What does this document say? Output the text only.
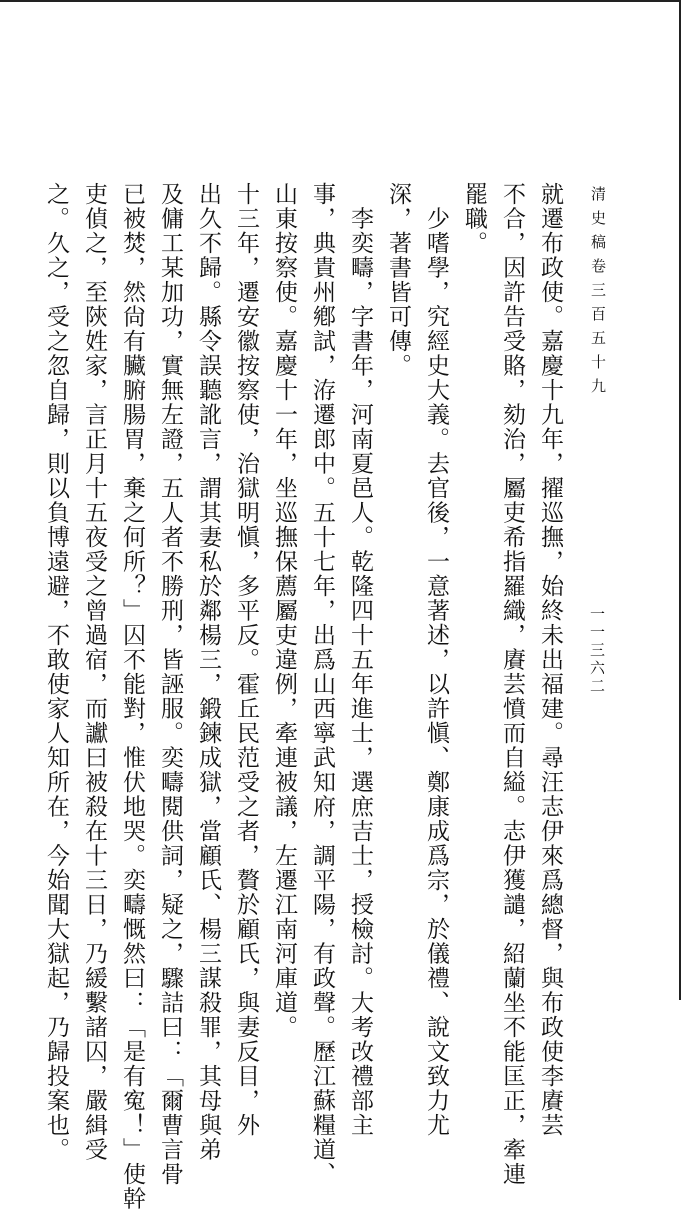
清史稿卷三百五十九
一一三六二
就遷布政使。嘉慶十九年，擢巡撫，始終未出福建。尋汪志伊來爲總督，與布政使李賡芸
不合，因許告受賂，劾治，屬吏希指羅織，賡芸憤而自縊。志伊獲譴，紹蘭坐不能匡正，牽連
罷職。
　少嗜學，究經史大義。去官後，一意著述，以許愼、鄭康成爲宗，於儀禮、說文致力尤
深，著書皆可傳。
　李奕疇，字書年，河南夏邑人。乾隆四十五年進士，選庶吉士，授檢討。大考改禮部主
事，典貴州鄕試，洊遷郎中。五十七年，出爲山西寧武知府，調平陽，有政聲。歷江蘇糧道、
山東按察使。嘉慶十一年，坐巡撫保薦屬吏違例，牽連被議，左遷江南河庫道。
十三年，遷安徽按察使，治獄明愼，多平反。霍丘民范受之者，贅於顧氏，與妻反目，外
出久不歸。縣令誤聽訛言，謂其妻私於鄰楊三，鍛鍊成獄，當顧氏、楊三謀殺罪，其母與弟
及傭工某加功，實無左證，五人者不勝刑，皆誣服。奕疇閱供詞，疑之，驟詰曰：「爾曹言骨
已被焚，然尙有臟腑腸胃，棄之何所？」囚不能對，惟伏地哭。奕疇慨然曰：「是有寃！」使幹
吏偵之，至陝姓家，言正月十五夜受之曾過宿，而讞曰被殺在十三日，乃緩繫諸囚，嚴緝受
之。久之，受之忽自歸，則以負博遠避，不敢使家人知所在，今始聞大獄起，乃歸投案也。
